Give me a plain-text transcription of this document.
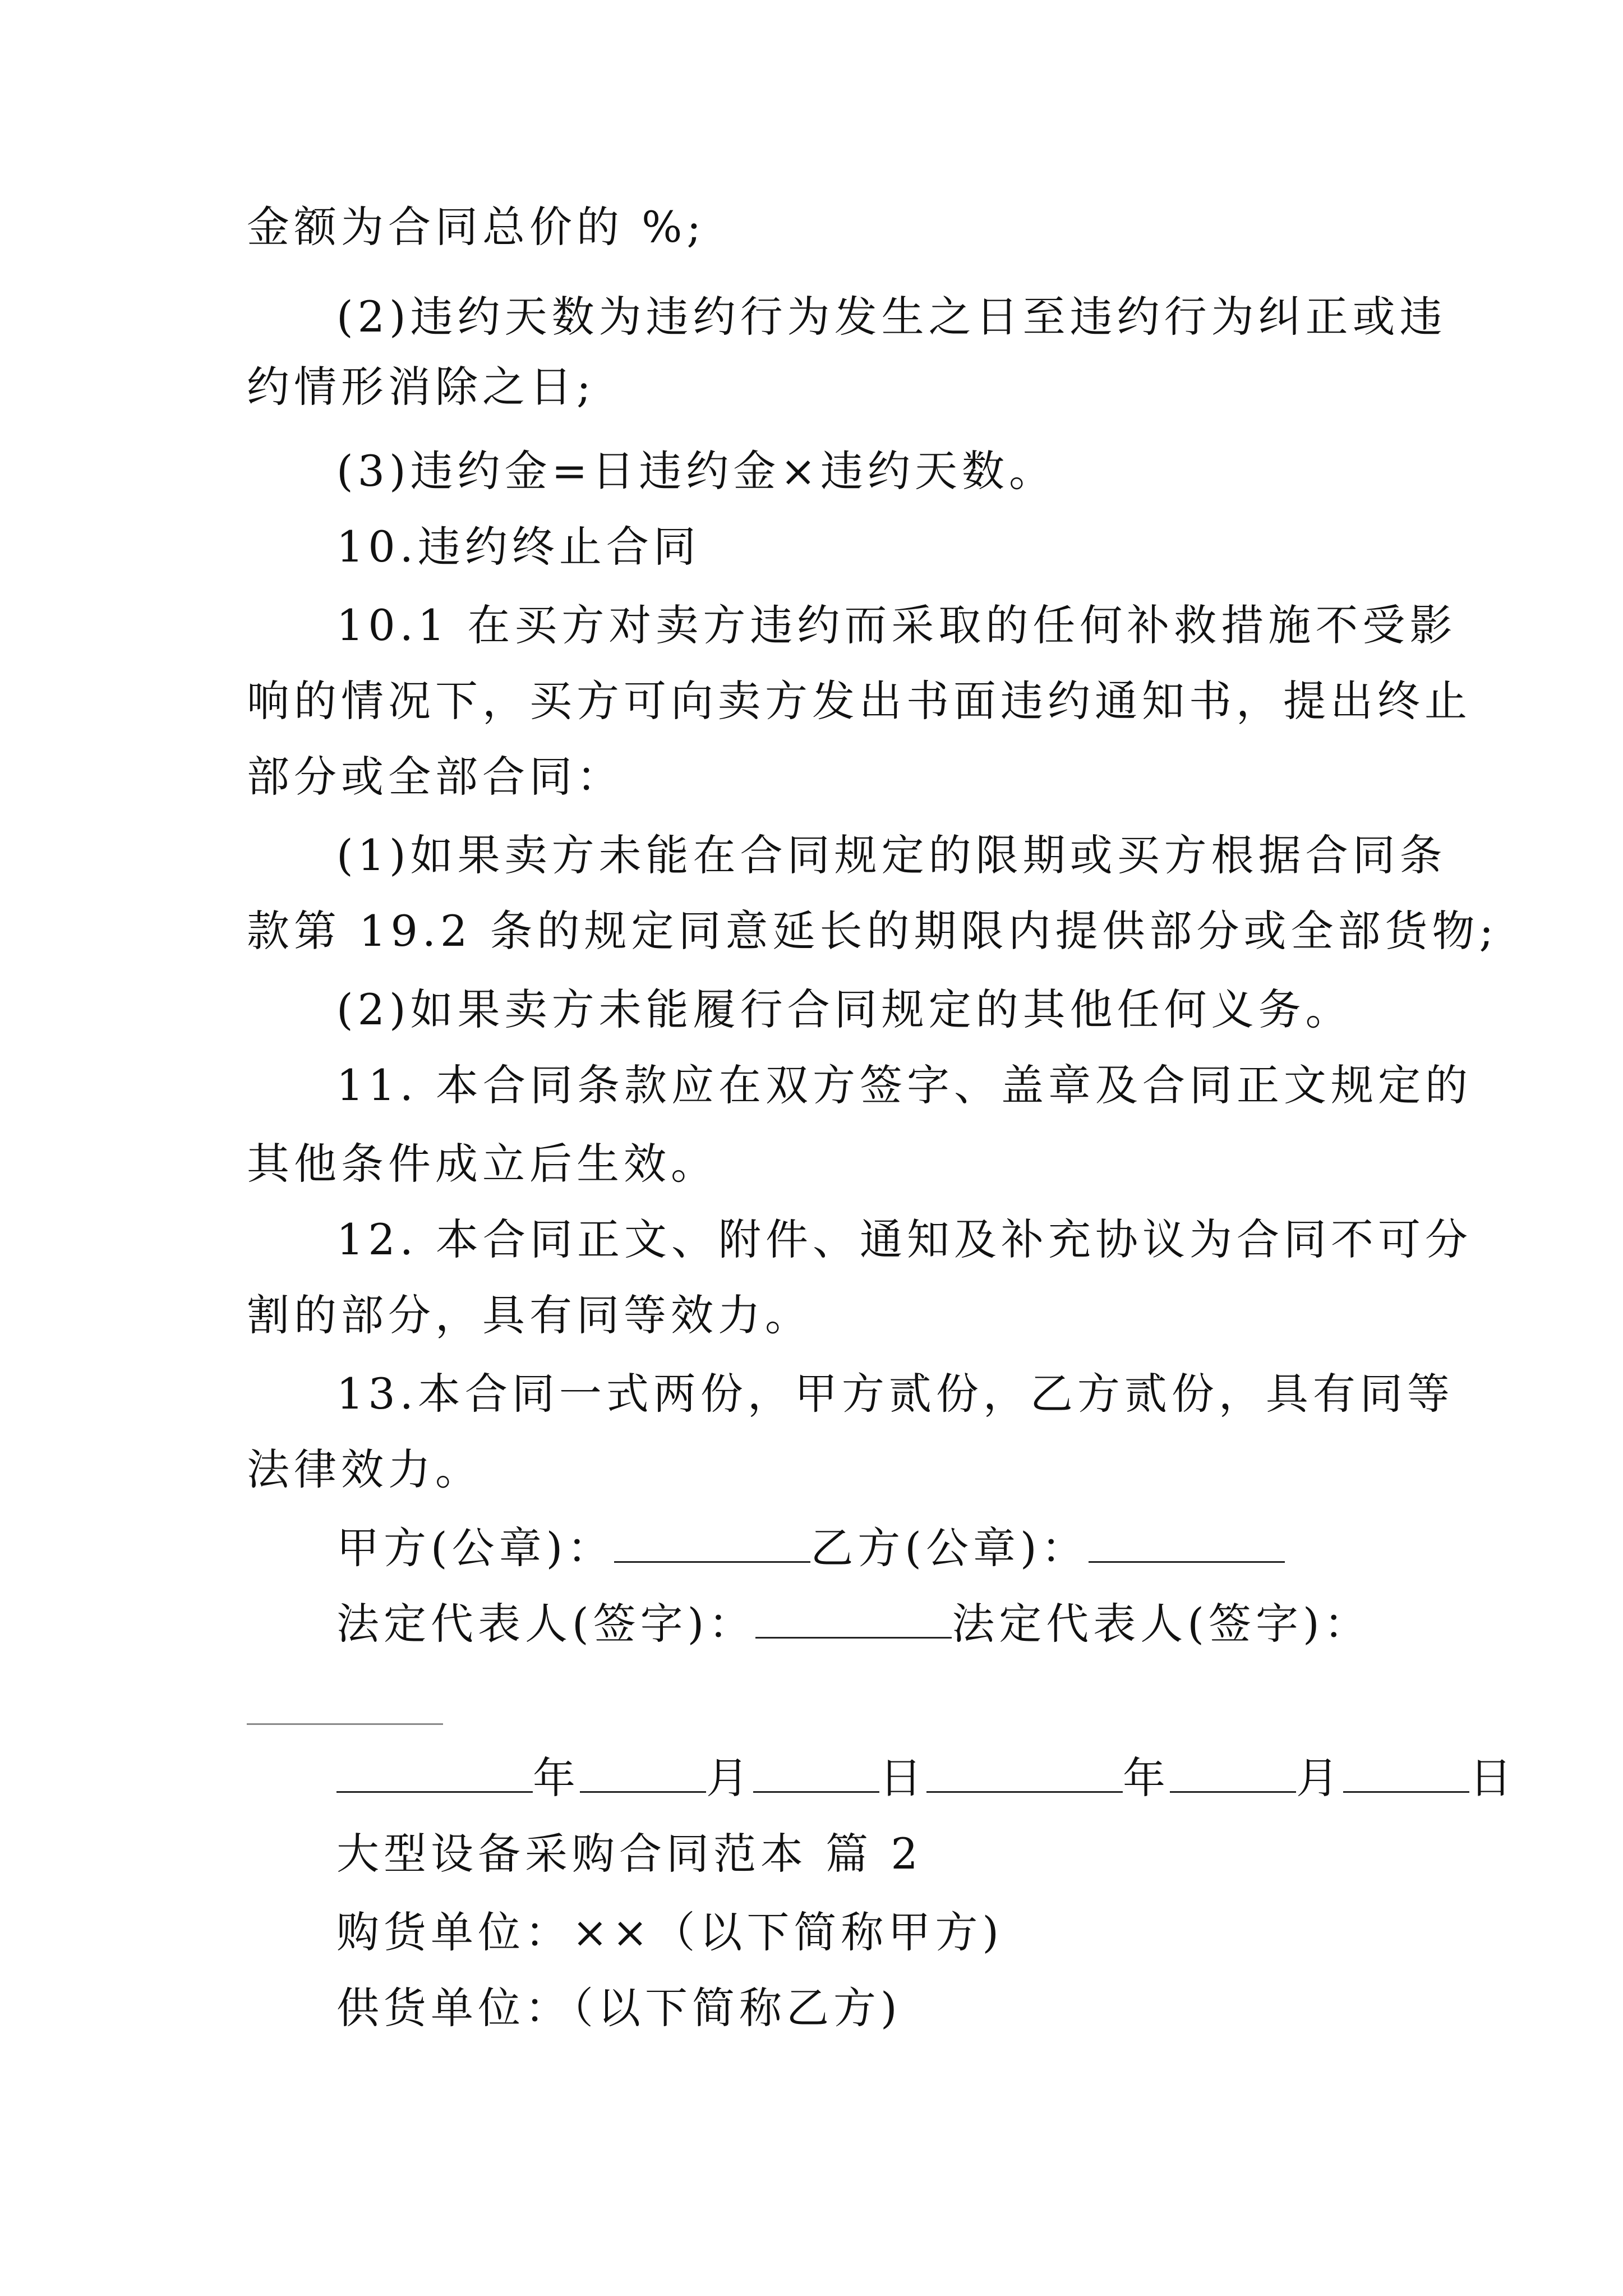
金额为合同总价的 %;
(2)违约天数为违约行为发生之日至违约行为纠正或违
约情形消除之日;
(3)违约金=日违约金×违约天数。
10.违约终止合同
10.1 在买方对卖方违约而采取的任何补救措施不受影
响的情况下，买方可向卖方发出书面违约通知书，提出终止
部分或全部合同：
(1)如果卖方未能在合同规定的限期或买方根据合同条
款第 19.2 条的规定同意延长的期限内提供部分或全部货物;
(2)如果卖方未能履行合同规定的其他任何义务。
11. 本合同条款应在双方签字、盖章及合同正文规定的
其他条件成立后生效。
12. 本合同正文、附件、通知及补充协议为合同不可分
割的部分，具有同等效力。
13.本合同一式两份，甲方贰份，乙方贰份，具有同等
法律效力。
甲方(公章)：	乙方(公章)：
法定代表人(签字)：	法定代表人(签字)：
年	月	日	年	月	日
大型设备采购合同范本 篇 2
购货单位：××（以下简称甲方)
供货单位：（以下简称乙方)
